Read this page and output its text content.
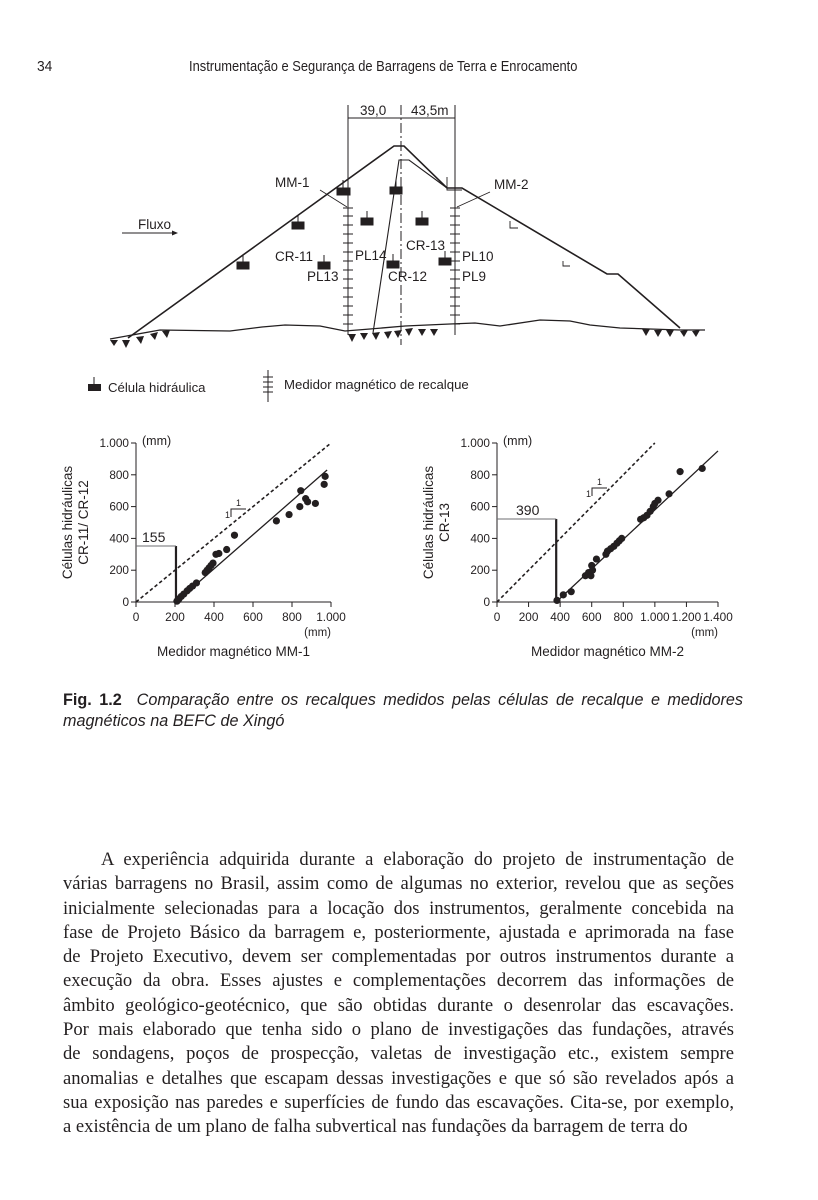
34	Instrumentação e Segurança de Barragens de Terra e Enrocamento
39,0 43,5m
Fluxo
MM-1	MM-2
CR-11
PL13
PL14
CR-12
CR-13
PL10
PL9
Célula hidráulica	Medidor magnético de recalque
0 200 400 600 800 1.000
0
200
400
600
800
1.000 (mm)
(mm)
Medidor magnético MM-1
Células hidráulicas CR-11/ CR-12	155
1
1
0 200 400 600 800 1.000 1.200 1.400
0
200
400
600
800
1.000 (mm)
(mm)
Medidor magnético MM-2
Células hidráulicas CR-13	390
1
1
Fig. 1.2 Comparação entre os recalques medidos pelas células de recalque e medidores magnéticos na BEFC de Xingó

A experiência adquirida durante a elaboração do projeto de instrumentação de
várias barragens no Brasil, assim como de algumas no exterior, revelou que as seções
inicialmente selecionadas para a locação dos instrumentos, geralmente concebida na
fase de Projeto Básico da barragem e, posteriormente, ajustada e aprimorada na fase
de Projeto Executivo, devem ser complementadas por outros instrumentos durante a
execução da obra. Esses ajustes e complementações decorrem das informações de
âmbito geológico-geotécnico, que são obtidas durante o desenrolar das escavações.
Por mais elaborado que tenha sido o plano de investigações das fundações, através
de sondagens, poços de prospecção, valetas de investigação etc., existem sempre
anomalias e detalhes que escapam dessas investigações e que só são revelados após a
sua exposição nas paredes e superfícies de fundo das escavações. Cita-se, por exemplo,
a existência de um plano de falha subvertical nas fundações da barragem de terra do
